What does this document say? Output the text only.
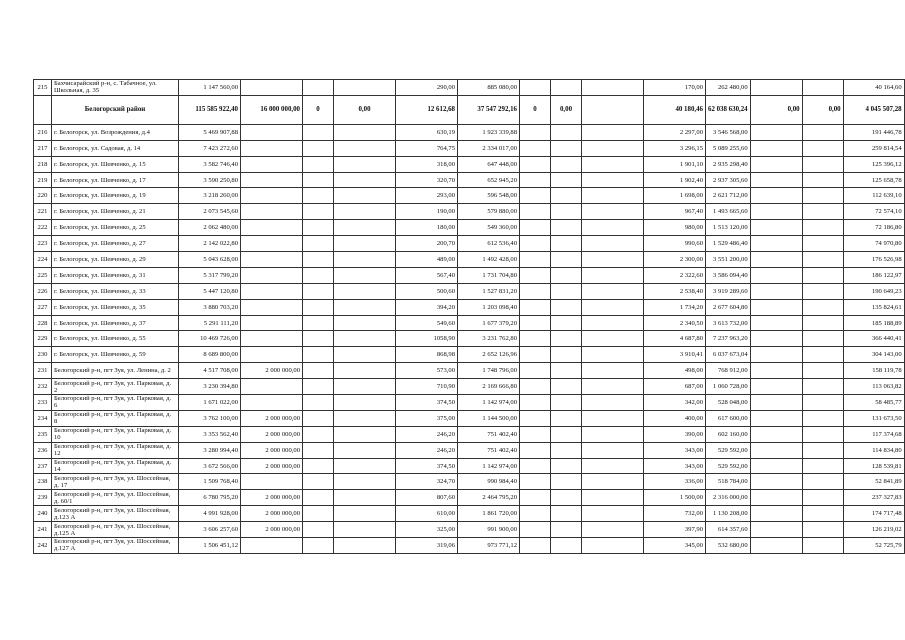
215	Бахчисарайский р-н, с. Табачное, ул. Школьная, д. 35	1 147 560,00				290,00	885 080,00				170,00	262 480,00			40 164,60
	Белогорский район	115 585 922,40	16 000 000,00	0	0,00	12 612,68	37 547 292,16	0	0,00		40 180,46	62 038 630,24	0,00	0,00	4 045 507,28
216	г. Белогорск, ул. Возрождения, д.4	5 469 907,88				630,19	1 923 339,88				2 297,00	3 546 568,00			191 446,78
217	г. Белогорск, ул. Садовая, д. 14	7 423 272,60				764,75	2 334 017,00				3 296,15	5 089 255,60			259 814,54
218	г. Белогорск, ул. Шевченко, д. 15	3 582 746,40				318,00	647 448,00				1 901,10	2 935 298,40			125 396,12
219	г. Белогорск, ул. Шевченко, д. 17	3 590 250,80				320,70	652 945,20				1 902,40	2 937 305,60			125 658,78
220	г. Белогорск, ул. Шевченко, д. 19	3 218 260,00				293,00	596 548,00				1 698,00	2 621 712,00			112 639,10
221	г. Белогорск, ул. Шевченко, д. 21	2 073 545,60				190,00	579 880,00				967,40	1 493 665,60			72 574,10
222	г. Белогорск, ул. Шевченко, д. 25	2 062 480,00				180,00	549 360,00				980,00	1 513 120,00			72 186,80
223	г. Белогорск, ул. Шевченко, д. 27	2 142 022,80				200,70	612 536,40				990,60	1 529 486,40			74 970,80
224	г. Белогорск, ул. Шевченко, д. 29	5 043 628,00				489,00	1 492 428,00				2 300,00	3 551 200,00			176 526,98
225	г. Белогорск, ул. Шевченко, д. 31	5 317 799,20				567,40	1 731 704,80				2 322,60	3 586 094,40			186 122,97
226	г. Белогорск, ул. Шевченко, д. 33	5 447 120,80				500,60	1 527 831,20				2 538,40	3 919 289,60			190 649,23
227	г. Белогорск, ул. Шевченко, д. 35	3 880 703,20				394,20	1 203 098,40				1 734,20	2 677 604,80			135 824,61
228	г. Белогорск, ул. Шевченко, д. 37	5 291 111,20				549,60	1 677 379,20				2 340,50	3 613 732,00			185 188,89
229	г. Белогорск, ул. Шевченко, д. 55	10 469 726,00				1058,90	3 231 762,80				4 687,80	7 237 963,20			366 440,41
230	г. Белогорск, ул. Шевченко, д. 59	8 689 800,00				868,98	2 652 126,96				3 910,41	6 037 673,04			304 143,00
231	Белогорский р-н, пгт Зуя, ул. Ленина, д. 2	4 517 708,00	2 000 000,00			573,00	1 748 796,00				498,00	768 912,00			158 119,78
232	Белогорский р-н, пгт Зуя, ул. Парковая, д. 2	3 230 394,80				710,90	2 169 666,80				687,00	1 060 728,00			113 063,82
233	Белогорский р-н, пгт Зуя, ул. Парковая, д. 6	1 671 022,00				374,50	1 142 974,00				342,00	528 048,00			58 485,77
234	Белогорский р-н, пгт Зуя, ул. Парковая, д. 8	3 762 100,00	2 000 000,00			375,00	1 144 500,00				400,00	617 600,00			131 673,50
235	Белогорский р-н, пгт Зуя, ул. Парковая, д. 10	3 353 562,40	2 000 000,00			246,20	751 402,40				390,00	602 160,00			117 374,68
236	Белогорский р-н, пгт Зуя, ул. Парковая, д. 12	3 280 994,40	2 000 000,00			246,20	751 402,40				343,00	529 592,00			114 834,80
237	Белогорский р-н, пгт Зуя, ул. Парковая, д. 14	3 672 566,00	2 000 000,00			374,50	1 142 974,00				343,00	529 592,00			128 539,81
238	Белогорский р-н, пгт Зуя, ул. Шоссейная, д. 17	1 509 768,40				324,70	990 984,40				336,00	518 784,00			52 841,89
239	Белогорский р-н, пгт Зуя, ул. Шоссейная, д. 60/1	6 780 795,20	2 000 000,00			807,60	2 464 795,20				1 500,00	2 316 000,00			237 327,83
240	Белогорский р-н, пгт Зуя, ул. Шоссейная, д.123 А	4 991 928,00	2 000 000,00			610,00	1 861 720,00				732,00	1 130 208,00			174 717,48
241	Белогорский р-н, пгт Зуя, ул. Шоссейная, д.125 А	3 606 257,60	2 000 000,00			325,00	991 900,00				397,90	614 357,60			126 219,02
242	Белогорский р-н, пгт Зуя, ул. Шоссейная, д.127 А	1 506 451,12				319,06	973 771,12				345,00	532 680,00			52 725,79
